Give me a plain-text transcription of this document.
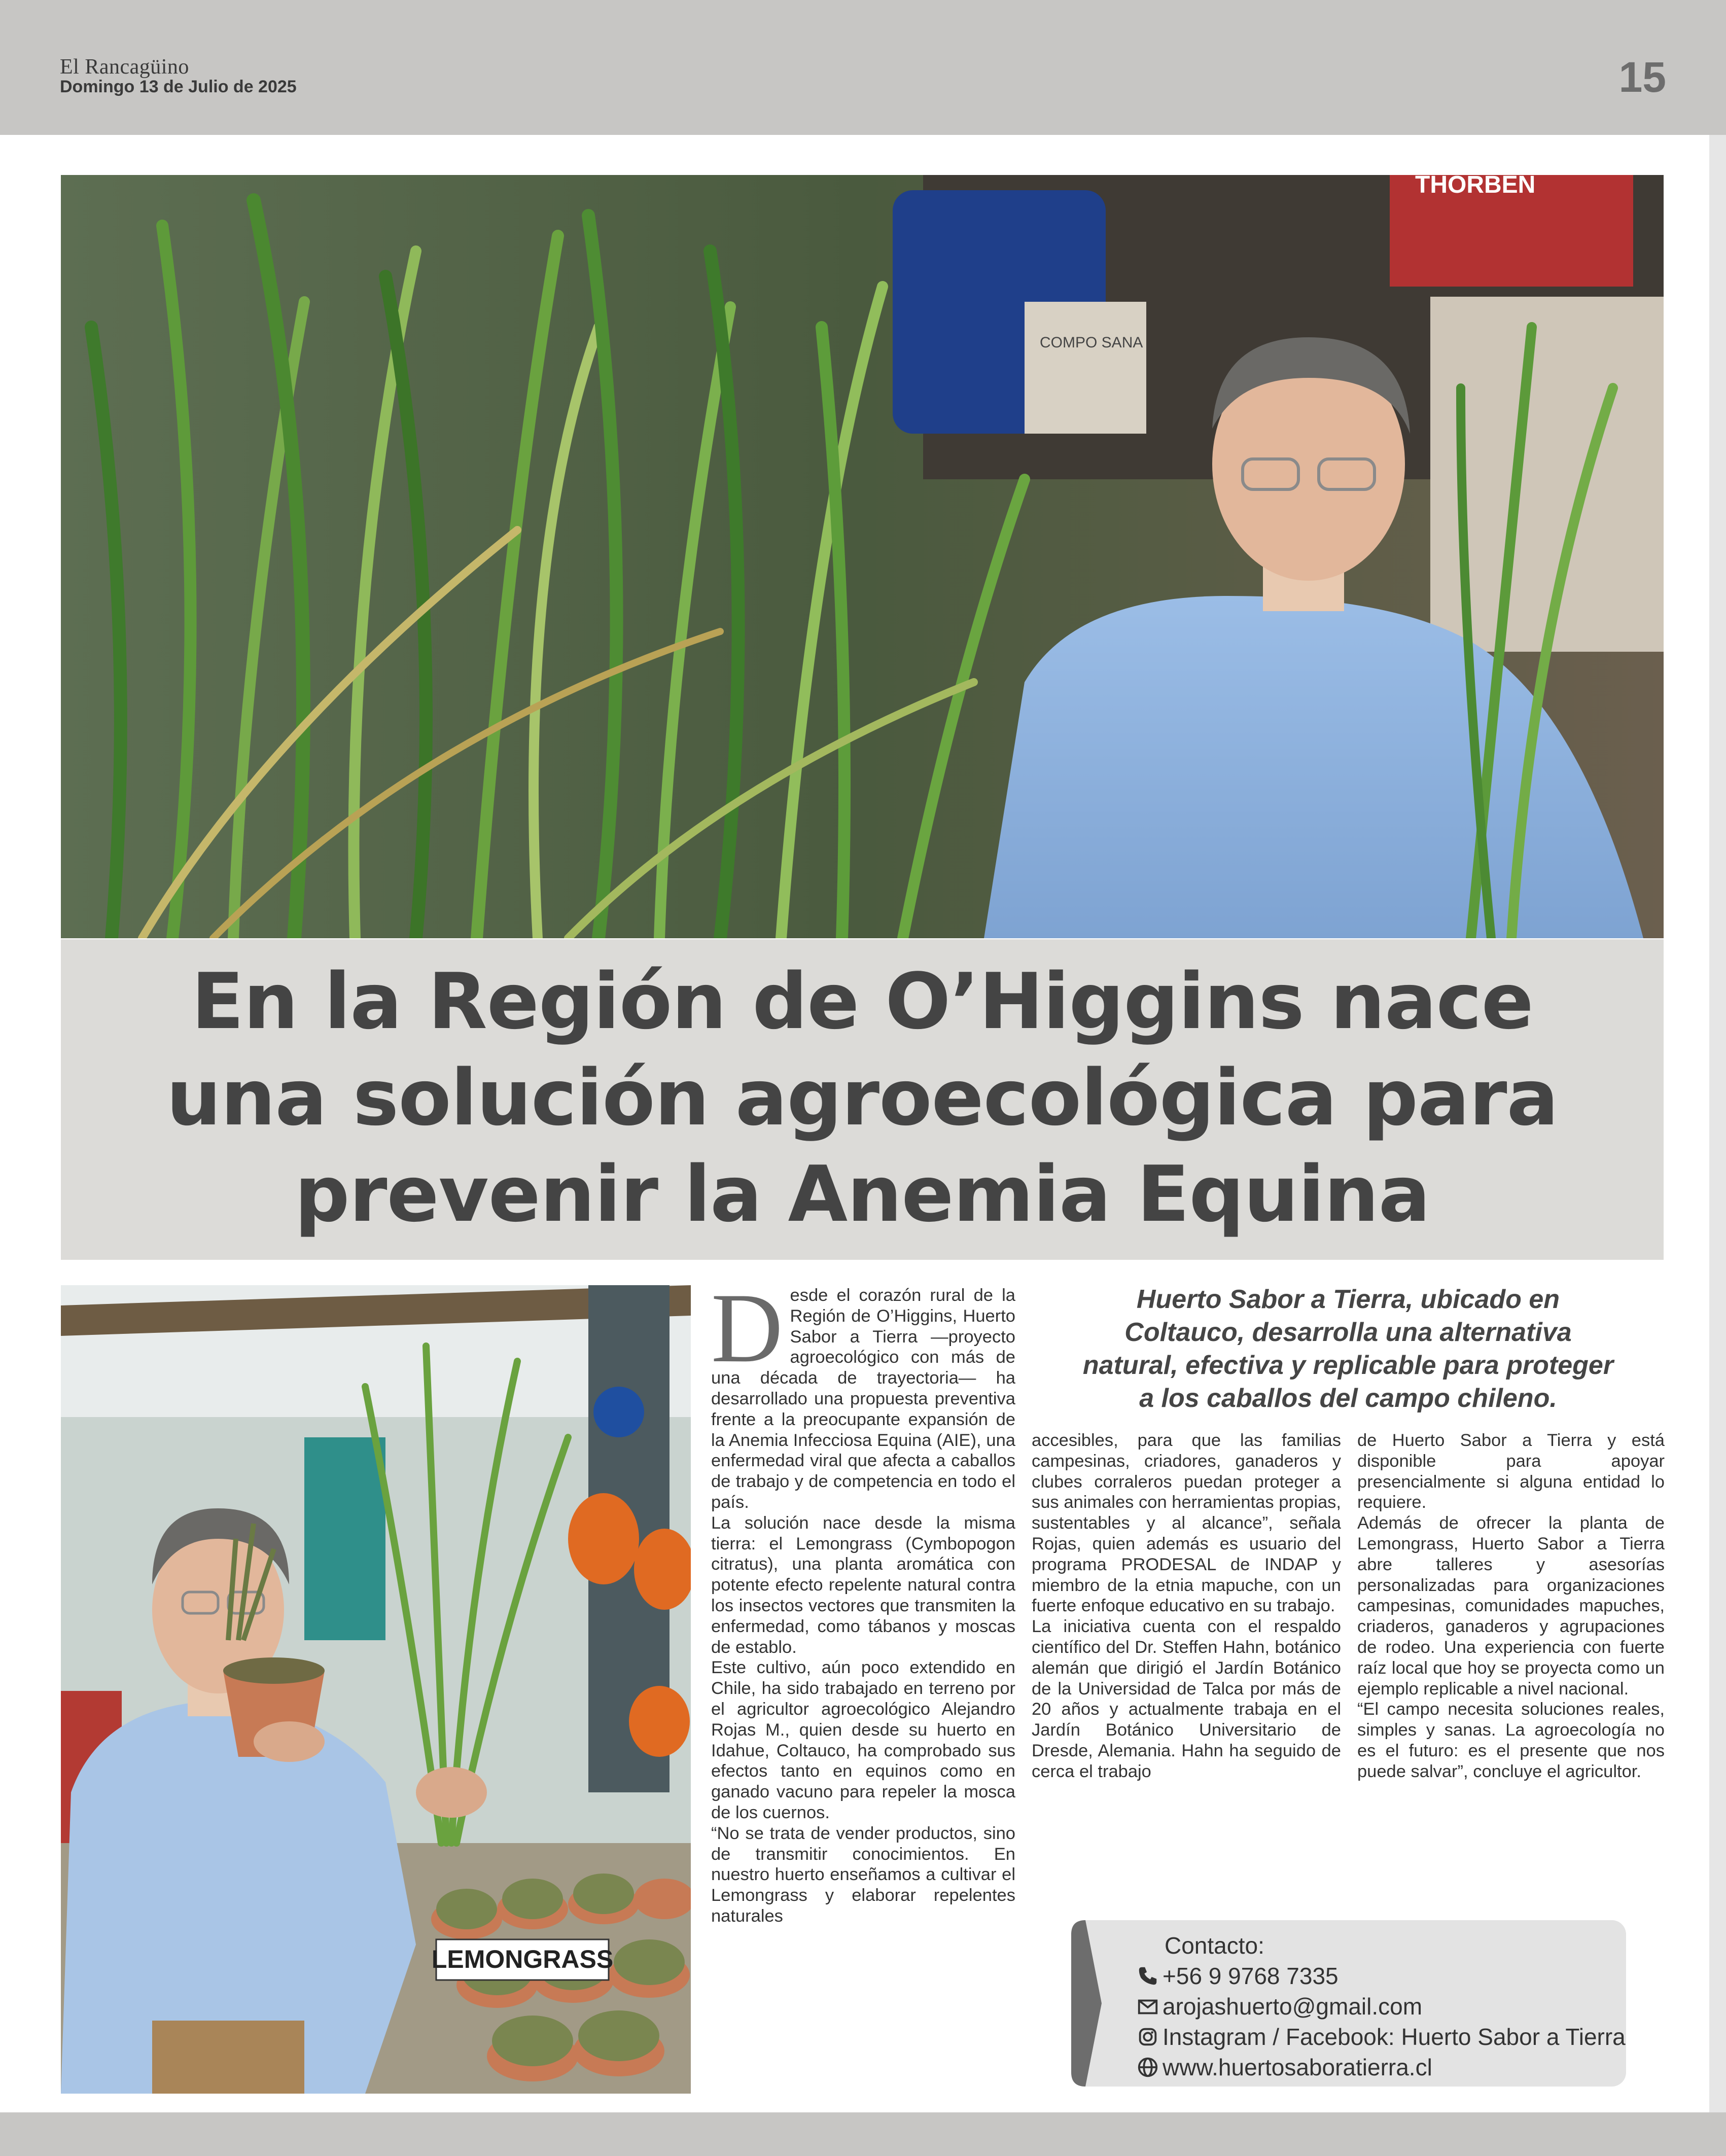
El Rancagüino
Domingo 13 de Julio de 2025	15
THORBEN
COMPO SANA
En la Región de O’Higgins nace
una solución agroecológica para
prevenir la Anemia Equina
LEMONGRASS
Huerto Sabor a Tierra, ubicado en
Coltauco, desarrolla una alternativa
natural, efectiva y replicable para proteger
a los caballos del campo chileno.
D esde el corazón rural de la Región de O’Higgins, Huerto Sabor a Tierra —proyecto agroecológico con más de una década de trayectoria— ha desarrollado una propuesta preventiva frente a la preocupante expansión de la Anemia Infecciosa Equina (AIE), una enfermedad viral que afecta a caballos de trabajo y de competencia en todo el país.

La solución nace desde la misma tierra: el Lemongrass (Cymbopogon citratus), una planta aromática con potente efecto repelente natural contra los insectos vectores que transmiten la enfermedad, como tábanos y moscas de establo.

Este cultivo, aún poco extendido en Chile, ha sido trabajado en terreno por el agricultor agroecológico Alejandro Rojas M., quien desde su huerto en Idahue, Coltauco, ha comprobado sus efectos tanto en equinos como en ganado vacuno para repeler la mosca de los cuernos.

“No se trata de vender productos, sino de transmitir conocimientos. En nuestro huerto enseñamos a cultivar el Lemongrass y elaborar repelentes naturales

accesibles, para que las familias campesinas, criadores, ganaderos y clubes corraleros puedan proteger a sus animales con herramientas propias, sustentables y al alcance”, señala Rojas, quien además es usuario del programa PRODESAL de INDAP y miembro de la etnia mapuche, con un fuerte enfoque educativo en su trabajo.

La iniciativa cuenta con el respaldo científico del Dr. Steffen Hahn, botánico alemán que dirigió el Jardín Botánico de la Universidad de Talca por más de 20 años y actualmente trabaja en el Jardín Botánico Universitario de Dresde, Alemania. Hahn ha seguido de cerca el trabajo

de Huerto Sabor a Tierra y está disponible para apoyar presencialmente si alguna entidad lo requiere.

Además de ofrecer la planta de Lemongrass, Huerto Sabor a Tierra abre talleres y asesorías personalizadas para organizaciones campesinas, comunidades mapuches, criaderos, ganaderos y agrupaciones de rodeo. Una experiencia con fuerte raíz local que hoy se proyecta como un ejemplo replicable a nivel nacional.

“El campo necesita soluciones reales, simples y sanas. La agroecología no es el futuro: es el presente que nos puede salvar”, concluye el agricultor.

Contacto:
+56 9 9768 7335
arojashuerto@gmail.com
Instagram / Facebook: Huerto Sabor a Tierra
www.huertosaboratierra.cl
